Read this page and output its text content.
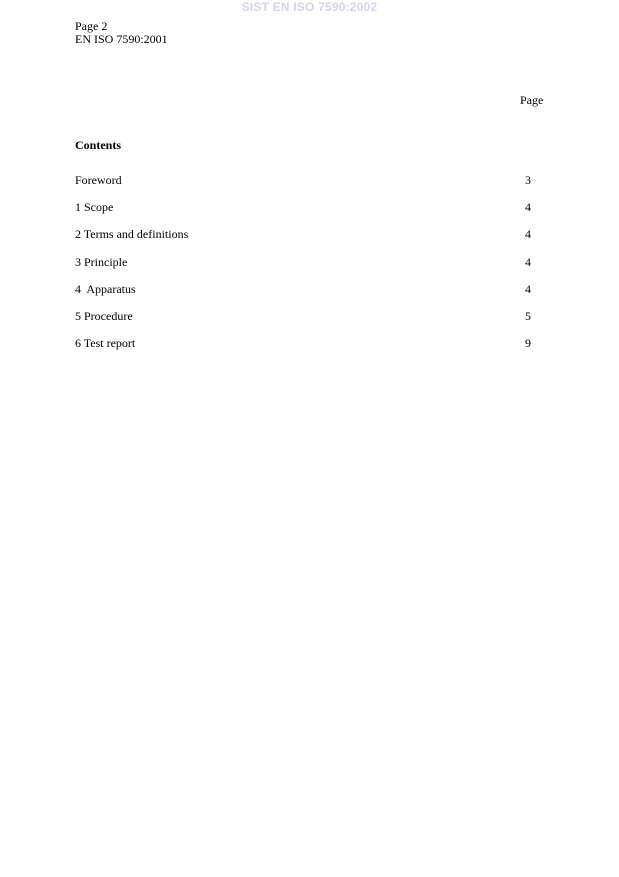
SIST EN ISO 7590:2002
Page 2
EN ISO 7590:2001
Page
Contents
Foreword	3
1 Scope	4
2 Terms and definitions	4
3 Principle	4
4  Apparatus	4
5 Procedure	5
6 Test report	9
